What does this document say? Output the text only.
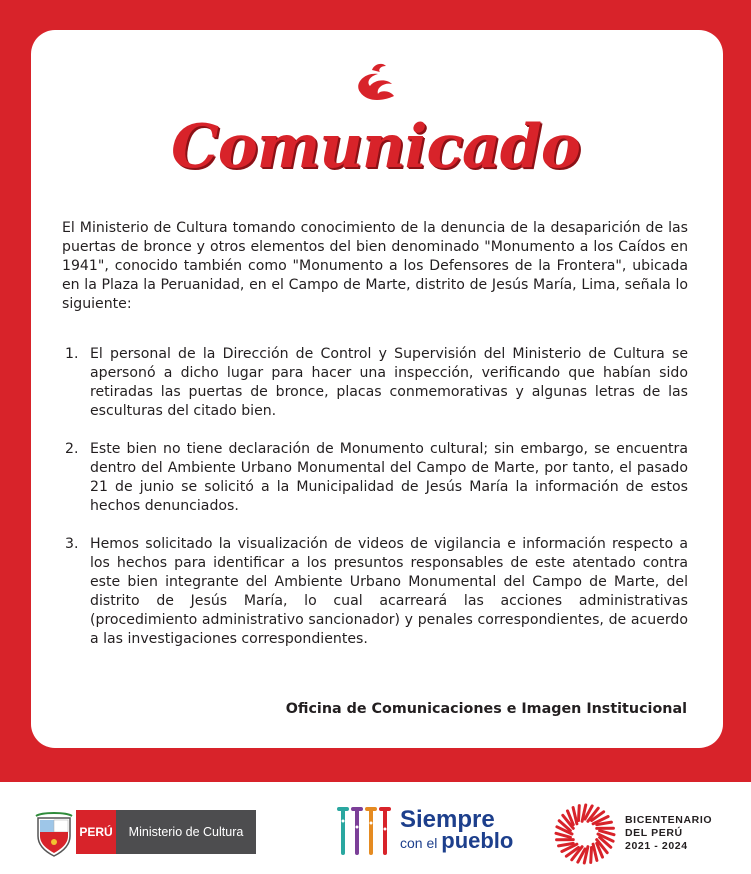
Comunicado
El Ministerio de Cultura tomando conocimiento de la denuncia de la desaparición de las puertas de bronce y otros elementos del bien denominado "Monumento a los Caídos en 1941", conocido también como "Monumento a los Defensores de la Frontera", ubicada en la Plaza la Peruanidad, en el Campo de Marte, distrito de Jesús María, Lima, señala lo siguiente:
1. El personal de la Dirección de Control y Supervisión del Ministerio de Cultura se apersonó a dicho lugar para hacer una inspección, verificando que habían sido retiradas las puertas de bronce, placas conmemorativas y algunas letras de las esculturas del citado bien.
2. Este bien no tiene declaración de Monumento cultural; sin embargo, se encuentra dentro del Ambiente Urbano Monumental del Campo de Marte, por tanto, el pasado 21 de junio se solicitó a la Municipalidad de Jesús María la información de estos hechos denunciados.
3. Hemos solicitado la visualización de videos de vigilancia e información respecto a los hechos para identificar a los presuntos responsables de este atentado contra este bien integrante del Ambiente Urbano Monumental del Campo de Marte, del distrito de Jesús María, lo cual acarreará las acciones administrativas (procedimiento administrativo sancionador) y penales correspondientes, de acuerdo a las investigaciones correspondientes.
Oficina de Comunicaciones e Imagen Institucional
PERÚ	Ministerio de Cultura	Siempre
con el pueblo
BICENTENARIO
DEL PERÚ
2021 - 2024
